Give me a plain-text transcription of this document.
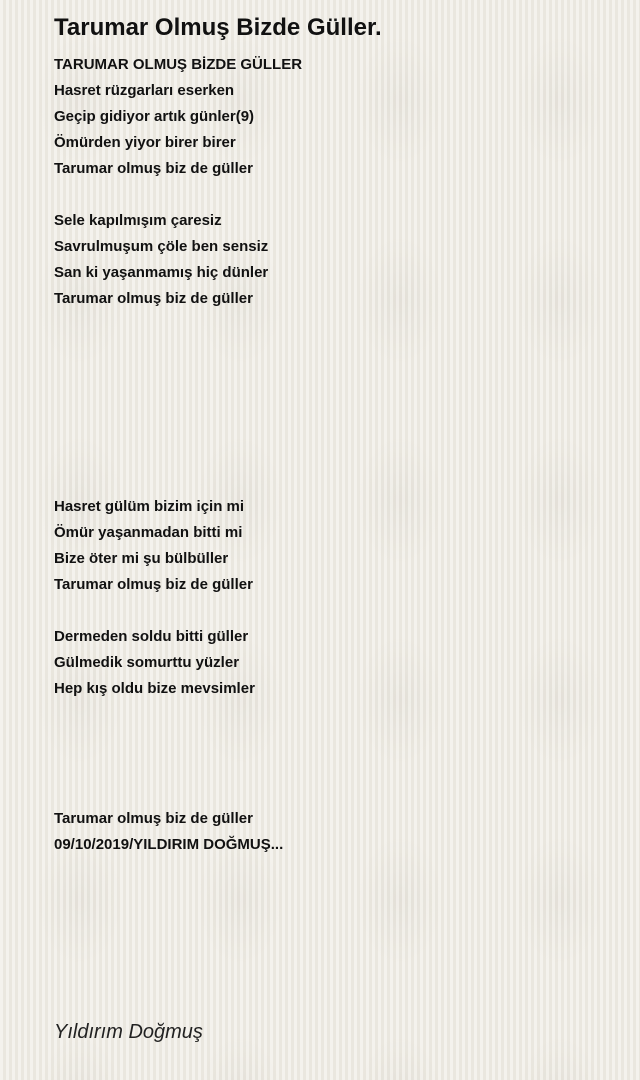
Tarumar Olmuş Bizde Güller.
TARUMAR OLMUŞ BİZDE GÜLLER
Hasret rüzgarları eserken
Geçip gidiyor artık günler(9)
Ömürden yiyor birer birer
Tarumar olmuş biz de güller
Sele kapılmışım çaresiz
Savrulmuşum çöle ben sensiz
San ki yaşanmamış hiç dünler
Tarumar olmuş biz de güller
Hasret gülüm bizim için mi
Ömür yaşanmadan bitti mi
Bize öter mi şu bülbüller
Tarumar olmuş biz de güller
Dermeden soldu bitti güller
Gülmedik somurttu yüzler
Hep kış oldu bize mevsimler
Tarumar olmuş biz de güller
09/10/2019/YILDIRIM DOĞMUŞ...
Yıldırım Doğmuş
